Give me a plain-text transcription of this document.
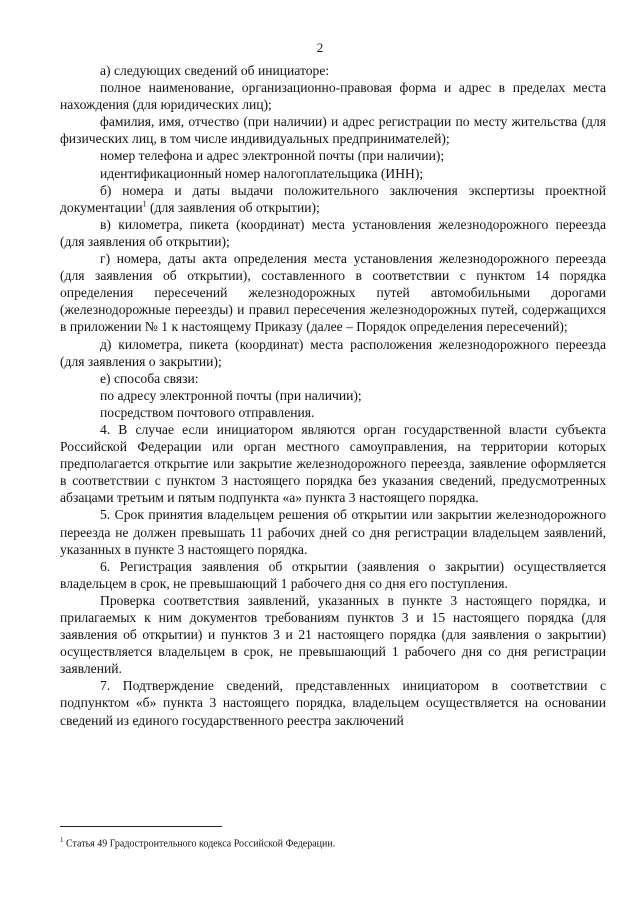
2

а) следующих сведений об инициаторе:

полное наименование, организационно-правовая форма и адрес в пределах места нахождения (для юридических лиц);

фамилия, имя, отчество (при наличии) и адрес регистрации по месту жительства (для физических лиц, в том числе индивидуальных предпринимателей);

номер телефона и адрес электронной почты (при наличии);

идентификационный номер налогоплательщика (ИНН);

б) номера и даты выдачи положительного заключения экспертизы проектной документации$^1$ (для заявления об открытии);

в) километра, пикета (координат) места установления железнодорожного переезда (для заявления об открытии);

г) номера, даты акта определения места установления железнодорожного переезда (для заявления об открытии), составленного в соответствии с пунктом 14 порядка определения пересечений железнодорожных путей автомобильными дорогами (железнодорожные переезды) и правил пересечения железнодорожных путей, содержащихся в приложении № 1 к настоящему Приказу (далее – Порядок определения пересечений);

д) километра, пикета (координат) места расположения железнодорожного переезда (для заявления о закрытии);

е) способа связи:

по адресу электронной почты (при наличии);

посредством почтового отправления.

4. В случае если инициатором являются орган государственной власти субъекта Российской Федерации или орган местного самоуправления, на территории которых предполагается открытие или закрытие железнодорожного переезда, заявление оформляется в соответствии с пунктом 3 настоящего порядка без указания сведений, предусмотренных абзацами третьим и пятым подпункта «а» пункта 3 настоящего порядка.

5. Срок принятия владельцем решения об открытии или закрытии железнодорожного переезда не должен превышать 11 рабочих дней со дня регистрации владельцем заявлений, указанных в пункте 3 настоящего порядка.

6. Регистрация заявления об открытии (заявления о закрытии) осуществляется владельцем в срок, не превышающий 1 рабочего дня со дня его поступления.

Проверка соответствия заявлений, указанных в пункте 3 настоящего порядка, и прилагаемых к ним документов требованиям пунктов 3 и 15 настоящего порядка (для заявления об открытии) и пунктов 3 и 21 настоящего порядка (для заявления о закрытии) осуществляется владельцем в срок, не превышающий 1 рабочего дня со дня регистрации заявлений.

7. Подтверждение сведений, представленных инициатором в соответствии с подпунктом «б» пункта 3 настоящего порядка, владельцем осуществляется на основании сведений из единого государственного реестра заключений

$^1$ Статья 49 Градостроительного кодекса Российской Федерации.
